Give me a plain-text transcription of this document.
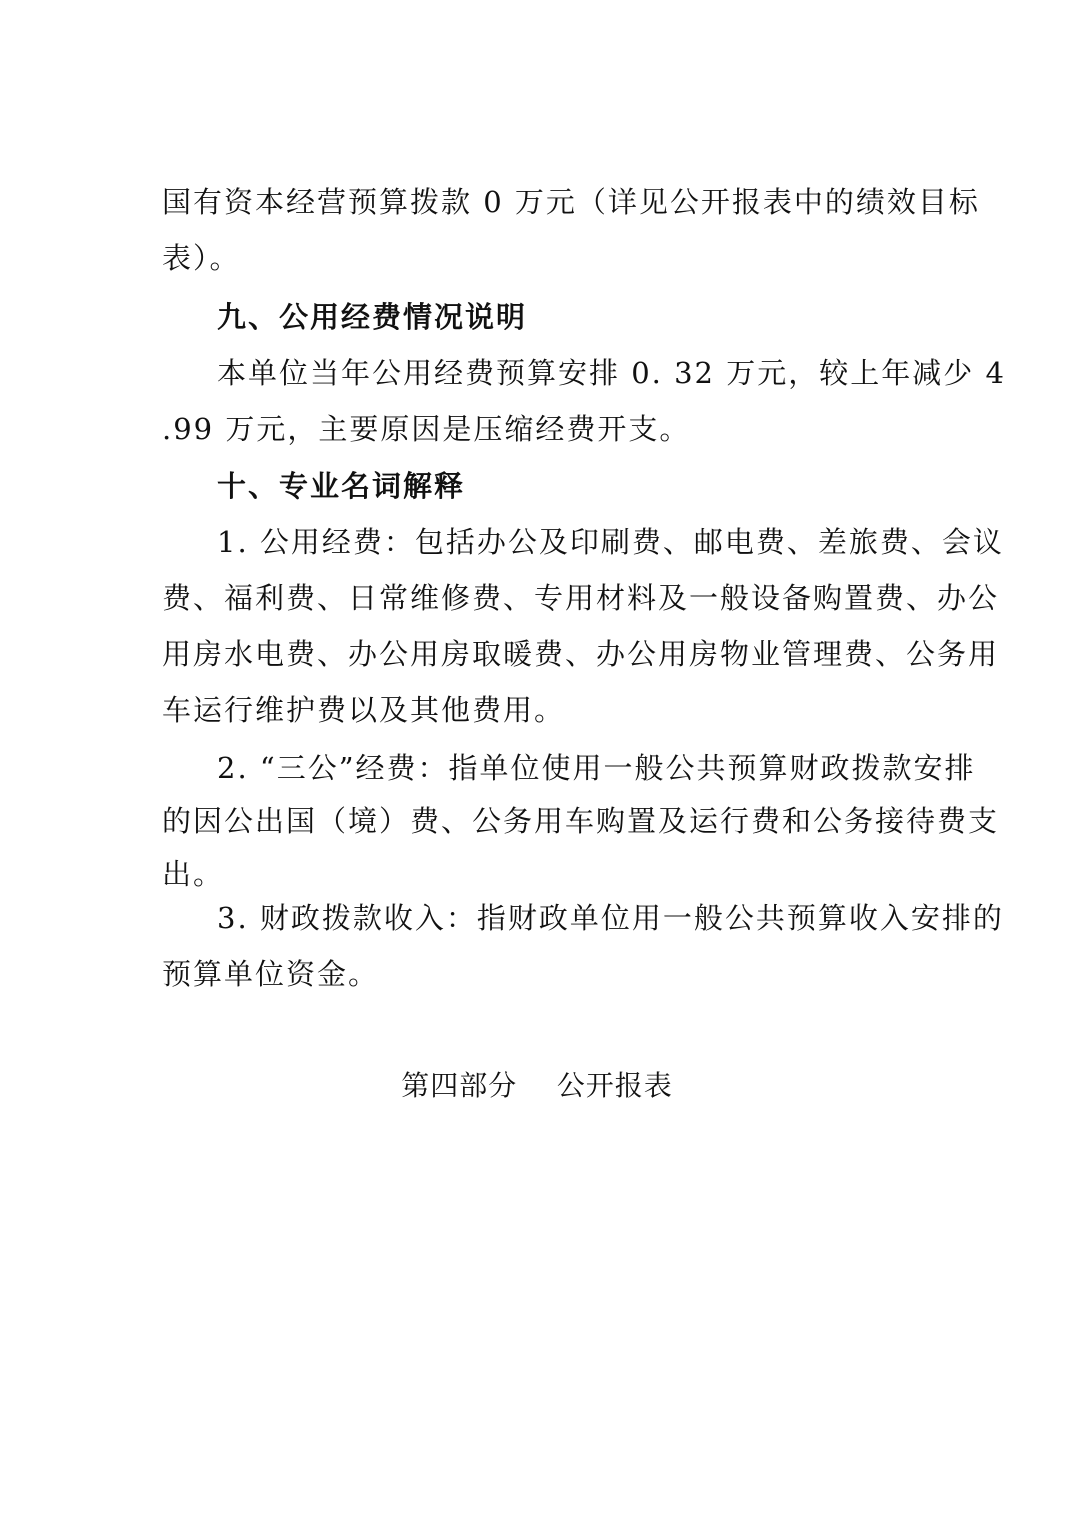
国有资本经营预算拨款 0 万元（详见公开报表中的绩效目标
表）。
九、公用经费情况说明
本单位当年公用经费预算安排 0. 32 万元，较上年减少 4
.99 万元，主要原因是压缩经费开支。
十、专业名词解释
1. 公用经费：包括办公及印刷费、邮电费、差旅费、会议
费、福利费、日常维修费、专用材料及一般设备购置费、办公
用房水电费、办公用房取暖费、办公用房物业管理费、公务用
车运行维护费以及其他费用。
2. “三公”经费：指单位使用一般公共预算财政拨款安排
的因公出国（境）费、公务用车购置及运行费和公务接待费支
出。
3. 财政拨款收入：指财政单位用一般公共预算收入安排的
预算单位资金。
第四部分    公开报表
